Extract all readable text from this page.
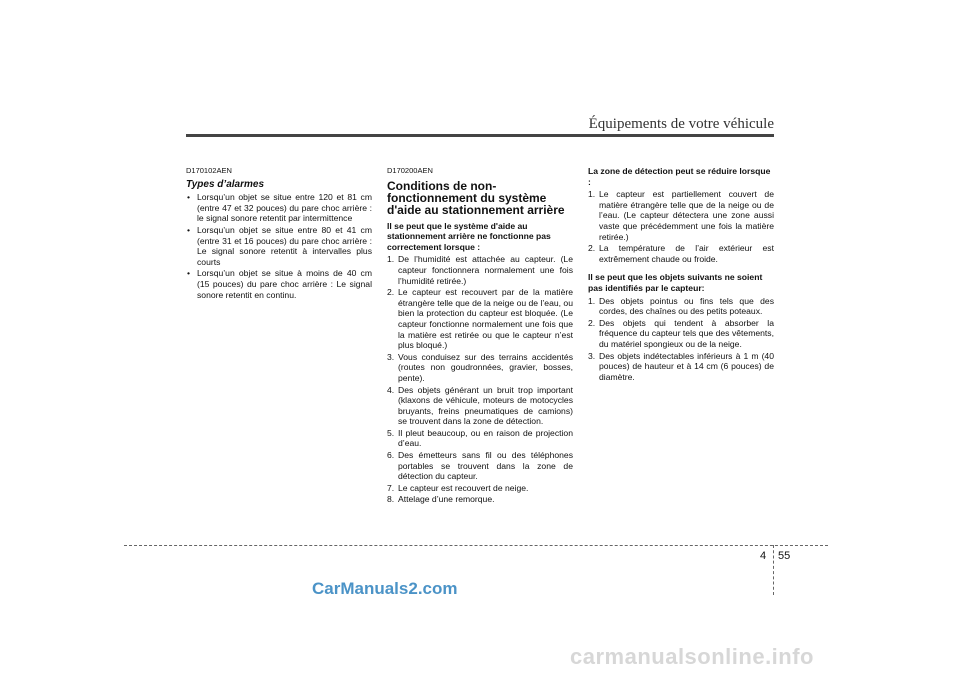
Équipements de votre véhicule
D170102AEN
Types d’alarmes
• Lorsqu’un objet se situe entre 120 et 81 cm (entre 47 et 32 pouces) du pare choc arrière : le signal sonore retentit par intermittence
• Lorsqu’un objet se situe entre 80 et 41 cm (entre 31 et 16 pouces) du pare choc arrière : Le signal sonore retentit à intervalles plus courts
• Lorsqu’un objet se situe à moins de 40 cm (15 pouces) du pare choc arrière : Le signal sonore retentit en continu.
D170200AEN
Conditions de non-fonctionnement du système d'aide au stationnement arrière
Il se peut que le système d'aide au stationnement arrière ne fonctionne pas correctement lorsque :
1. De l’humidité est attachée au capteur. (Le capteur fonctionnera normalement une fois l’humidité retirée.)
2. Le capteur est recouvert par de la matière étrangère telle que de la neige ou de l’eau, ou bien la protection du capteur est bloquée. (Le capteur fonctionne normalement une fois que la matière est retirée ou que le capteur n’est plus bloqué.)
3. Vous conduisez sur des terrains accidentés (routes non goudronnées, gravier, bosses, pente).
4. Des objets générant un bruit trop important (klaxons de véhicule, moteurs de motocycles bruyants, freins pneumatiques de camions) se trouvent dans la zone de détection.
5. Il pleut beaucoup, ou en raison de projection d’eau.
6. Des émetteurs sans fil ou des téléphones portables se trouvent dans la zone de détection du capteur.
7. Le capteur est recouvert de neige.
8. Attelage d’une remorque.
La zone de détection peut se réduire lorsque :
1. Le capteur est partiellement couvert de matière étrangère telle que de la neige ou de l’eau. (Le capteur détectera une zone aussi vaste que précédemment une fois la matière retirée.)
2. La température de l’air extérieur est extrêmement chaude ou froide.
Il se peut que les objets suivants ne soient pas identifiés par le capteur:
1. Des objets pointus ou fins tels que des cordes, des chaînes ou des petits poteaux.
2. Des objets qui tendent à absorber la fréquence du capteur tels que des vêtements, du matériel spongieux ou de la neige.
3. Des objets indétectables inférieurs à 1 m (40 pouces) de hauteur et à 14 cm (6 pouces) de diamètre.
4 55
CarManuals2.com
carmanualsonline.info
